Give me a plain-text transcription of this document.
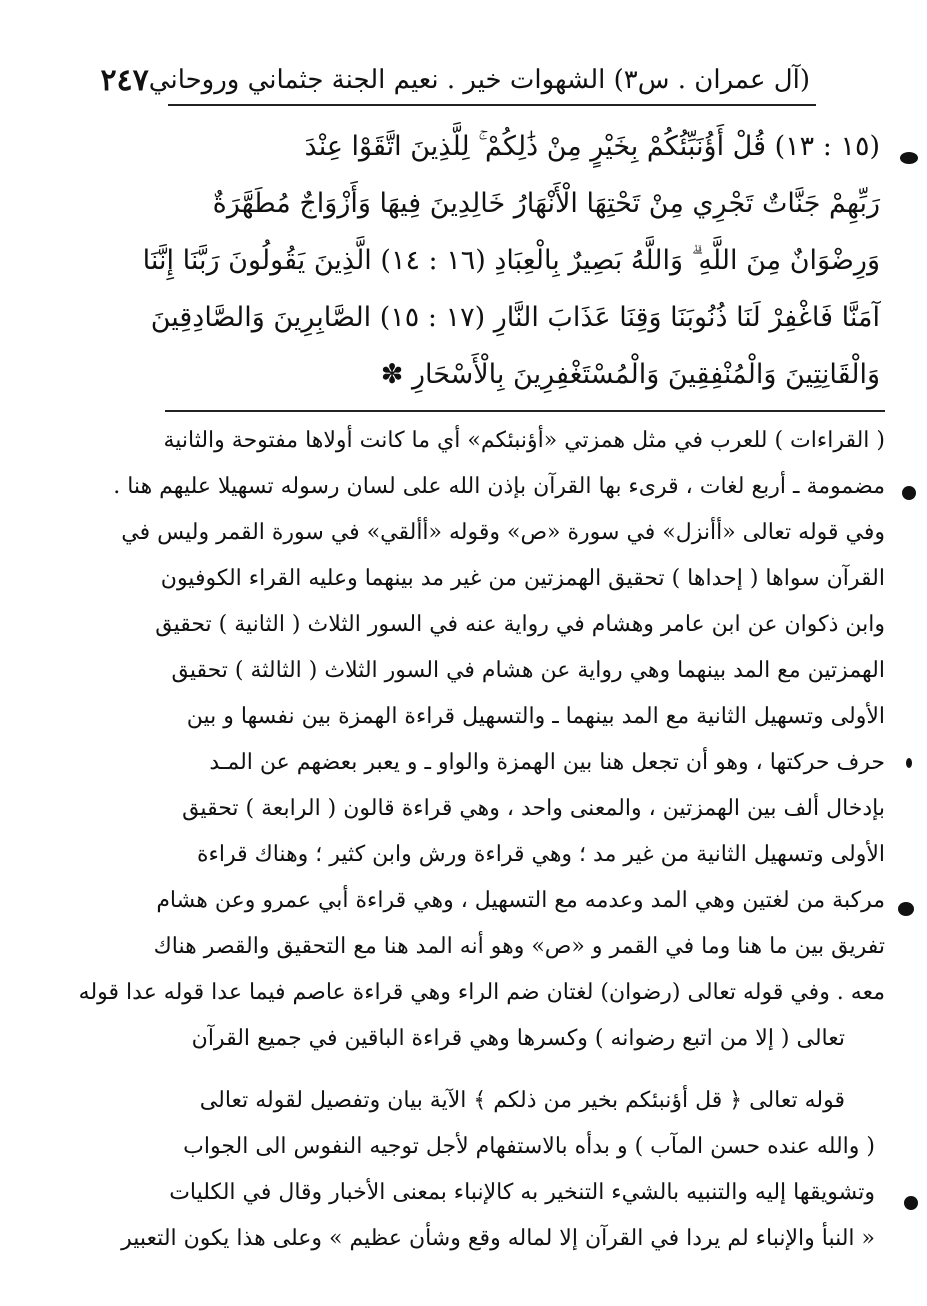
(آل عمران . س٣) الشهوات خير . نعيم الجنة جثماني وروحاني
٢٤٧
(١٥ : ١٣) قُلْ أَؤُنَبِّئُكُمْ بِخَيْرٍ مِنْ ذَٰلِكُمْ ۚ لِلَّذِينَ اتَّقَوْا عِنْدَ
رَبِّهِمْ جَنَّاتٌ تَجْرِي مِنْ تَحْتِهَا الْأَنْهَارُ خَالِدِينَ فِيهَا وَأَزْوَاجٌ مُطَهَّرَةٌ
وَرِضْوَانٌ مِنَ اللَّهِ ۗ وَاللَّهُ بَصِيرٌ بِالْعِبَادِ (١٦ : ١٤) الَّذِينَ يَقُولُونَ رَبَّنَا إِنَّنَا
آمَنَّا فَاغْفِرْ لَنَا ذُنُوبَنَا وَقِنَا عَذَابَ النَّارِ (١٧ : ١٥) الصَّابِرِينَ وَالصَّادِقِينَ
وَالْقَانِتِينَ وَالْمُنْفِقِينَ وَالْمُسْتَغْفِرِينَ بِالْأَسْحَارِ ✽
( القراءات ) للعرب في مثل همزتي «أؤنبئكم» أي ما كانت أولاها مفتوحة والثانية
مضمومة ـ أربع لغات ، قرىء بها القرآن بإذن الله على لسان رسوله تسهيلا عليهم هنا .
وفي قوله تعالى «أأنزل» في سورة «ص» وقوله «أألقي» في سورة القمر وليس في
القرآن سواها ( إحداها ) تحقيق الهمزتين من غير مد بينهما وعليه القراء الكوفيون
وابن ذكوان عن ابن عامر وهشام في رواية عنه في السور الثلاث ( الثانية ) تحقيق
الهمزتين مع المد بينهما وهي رواية عن هشام في السور الثلاث ( الثالثة ) تحقيق
الأولى وتسهيل الثانية مع المد بينهما ـ والتسهيل قراءة الهمزة بين نفسها و بين
حرف حركتها ، وهو أن تجعل هنا بين الهمزة والواو ـ و يعبر بعضهم عن المـد
بإدخال ألف بين الهمزتين ، والمعنى واحد ، وهي قراءة قالون ( الرابعة ) تحقيق
الأولى وتسهيل الثانية من غير مد ؛ وهي قراءة ورش وابن كثير ؛ وهناك قراءة
مركبة من لغتين وهي المد وعدمه مع التسهيل ، وهي قراءة أبي عمرو وعن هشام
تفريق بين ما هنا وما في القمر و «ص» وهو أنه المد هنا مع التحقيق والقصر هناك
معه . وفي قوله تعالى (رضوان) لغتان ضم الراء وهي قراءة عاصم فيما عدا قوله عدا قوله
تعالى ( إلا من اتبع رضوانه ) وكسرها وهي قراءة الباقين في جميع القرآن
قوله تعالى ﴿ قل أؤنبئكم بخير من ذلكم ﴾ الآية بيان وتفصيل لقوله تعالى
( والله عنده حسن المآب ) و بدأه بالاستفهام لأجل توجيه النفوس الى الجواب
وتشويقها إليه والتنبيه بالشيء التنخير به كالإنباء بمعنى الأخبار وقال في الكليات
« النبأ والإنباء لم يردا في القرآن إلا لماله وقع وشأن عظيم » وعلى هذا يكون التعبير
